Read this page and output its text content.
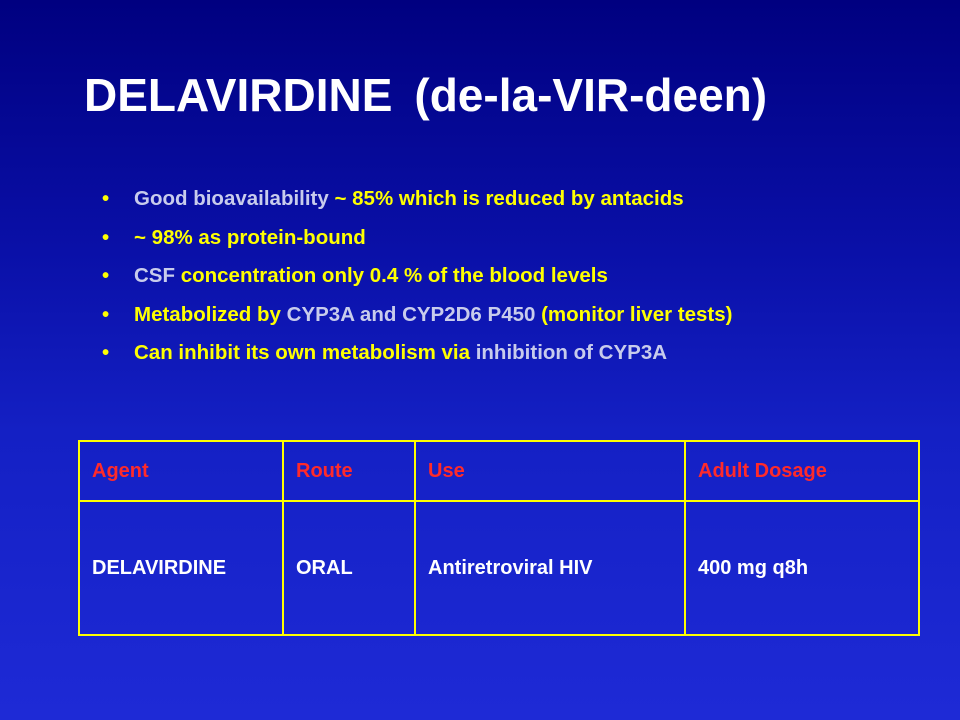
DELAVIRDINE (de-la-VIR-deen)
• Good bioavailability ~ 85% which is reduced by antacids
• ~ 98% as protein-bound
• CSF concentration only 0.4 % of the blood levels
• Metabolized by CYP3A and CYP2D6 P450 (monitor liver tests)
• Can inhibit its own metabolism via inhibition of CYP3A
Agent	Route	Use	Adult Dosage
DELAVIRDINE	ORAL	Antiretroviral HIV	400 mg q8h
